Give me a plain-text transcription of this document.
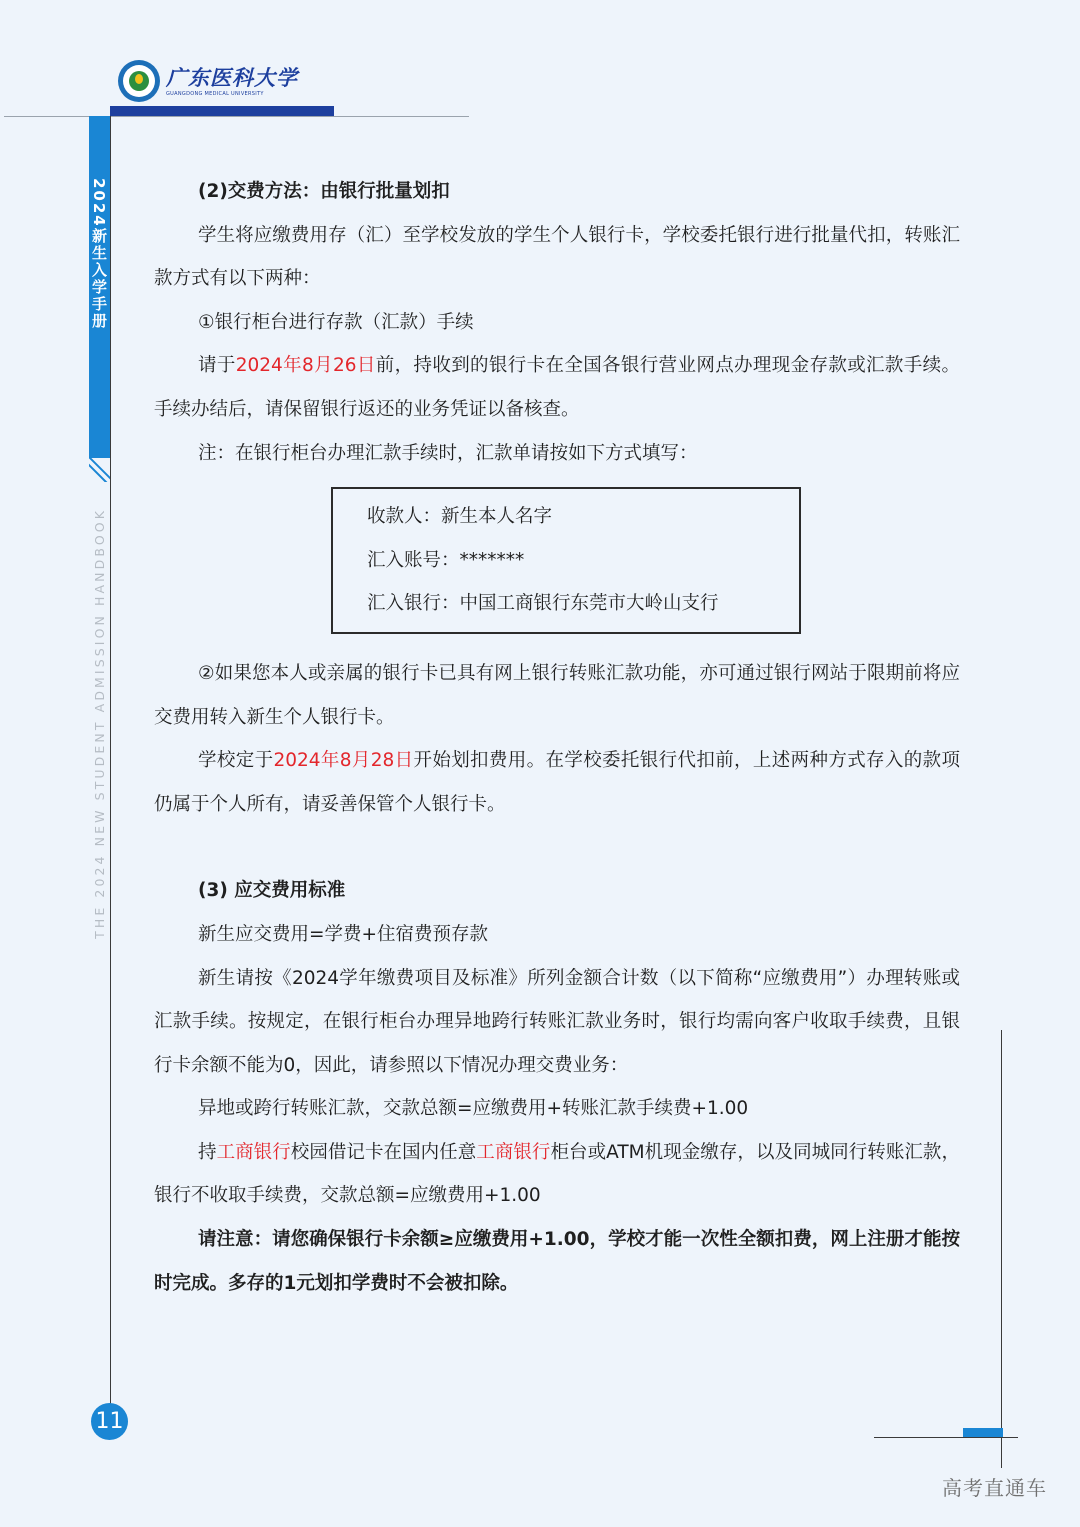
广东医科大学
GUANGDONG MEDICAL UNIVERSITY
2024新生入学手册
THE 2024 NEW STUDENT ADMISSION HANDBOOK
11
高考直通车

(2)交费方法：由银行批量划扣

学生将应缴费用存（汇）至学校发放的学生个人银行卡，学校委托银行进行批量代扣，转账汇款方式有以下两种：

①银行柜台进行存款（汇款）手续

请于2024年8月26日前，持收到的银行卡在全国各银行营业网点办理现金存款或汇款手续。手续办结后，请保留银行返还的业务凭证以备核查。

注：在银行柜台办理汇款手续时，汇款单请按如下方式填写：

收款人：新生本人名字

汇入账号：*******

汇入银行：中国工商银行东莞市大岭山支行

②如果您本人或亲属的银行卡已具有网上银行转账汇款功能，亦可通过银行网站于限期前将应交费用转入新生个人银行卡。

学校定于2024年8月28日开始划扣费用。在学校委托银行代扣前，上述两种方式存入的款项仍属于个人所有，请妥善保管个人银行卡。

(3) 应交费用标准

新生应交费用=学费+住宿费预存款

新生请按《2024学年缴费项目及标准》所列金额合计数（以下简称“应缴费用”）办理转账或汇款手续。按规定，在银行柜台办理异地跨行转账汇款业务时，银行均需向客户收取手续费，且银行卡余额不能为0，因此，请参照以下情况办理交费业务：

异地或跨行转账汇款，交款总额=应缴费用+转账汇款手续费+1.00

持工商银行校园借记卡在国内任意工商银行柜台或ATM机现金缴存，以及同城同行转账汇款，银行不收取手续费，交款总额=应缴费用+1.00

请注意：请您确保银行卡余额≥应缴费用+1.00，学校才能一次性全额扣费，网上注册才能按时完成。多存的1元划扣学费时不会被扣除。
